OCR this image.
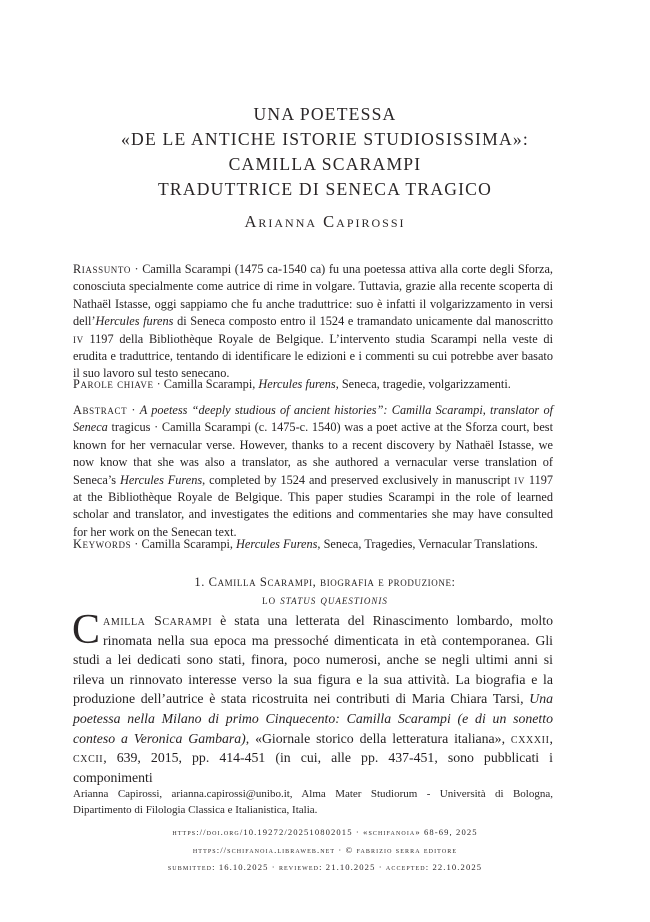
UNA POETESSA
«DE LE ANTICHE ISTORIE STUDIOSISSIMA»:
CAMILLA SCARAMPI
TRADUTTRICE DI SENECA TRAGICO
Arianna Capirossi
Riassunto · Camilla Scarampi (1475 ca-1540 ca) fu una poetessa attiva alla corte degli Sforza, conosciuta specialmente come autrice di rime in volgare. Tuttavia, grazie alla recente scoperta di Nathaël Istasse, oggi sappiamo che fu anche traduttrice: suo è infatti il volgarizzamento in versi dell’Hercules furens di Seneca composto entro il 1524 e tramandato unicamente dal manoscritto iv 1197 della Bibliothèque Royale de Belgique. L’intervento studia Scarampi nella veste di erudita e traduttrice, tentando di identificare le edizioni e i commenti su cui potrebbe aver basato il suo lavoro sul testo senecano.
Parole chiave · Camilla Scarampi, Hercules furens, Seneca, tragedie, volgarizzamenti.
Abstract · A poetess “deeply studious of ancient histories”: Camilla Scarampi, translator of Seneca tragicus · Camilla Scarampi (c. 1475-c. 1540) was a poet active at the Sforza court, best known for her vernacular verse. However, thanks to a recent discovery by Nathaël Istasse, we now know that she was also a translator, as she authored a vernacular verse translation of Seneca’s Hercules Furens, completed by 1524 and preserved exclusively in manuscript iv 1197 at the Bibliothèque Royale de Belgique. This paper studies Scarampi in the role of learned scholar and translator, and investigates the editions and commentaries she may have consulted for her work on the Senecan text.
Keywords · Camilla Scarampi, Hercules Furens, Seneca, Tragedies, Vernacular Translations.
1. Camilla Scarampi, biografia e produzione:
lo status quaestionis
Camilla Scarampi è stata una letterata del Rinascimento lombardo, molto rinomata nella sua epoca ma pressoché dimenticata in età contemporanea. Gli studi a lei dedicati sono stati, finora, poco numerosi, anche se negli ultimi anni si rileva un rinnovato interesse verso la sua figura e la sua attività. La biografia e la produzione dell’autrice è stata ricostruita nei contributi di Maria Chiara Tarsi, Una poetessa nella Milano di primo Cinquecento: Camilla Scarampi (e di un sonetto conteso a Veronica Gambara), «Giornale storico della letteratura italiana», cxxxii, cxcii, 639, 2015, pp. 414-451 (in cui, alle pp. 437-451, sono pubblicati i componimenti
Arianna Capirossi, arianna.capirossi@unibo.it, Alma Mater Studiorum - Università di Bologna, Dipartimento di Filologia Classica e Italianistica, Italia.
https://doi.org/10.19272/202510802015 · «schifanoia» 68-69, 2025
https://schifanoia.libraweb.net · © fabrizio serra editore
submitted: 16.10.2025 · reviewed: 21.10.2025 · accepted: 22.10.2025
